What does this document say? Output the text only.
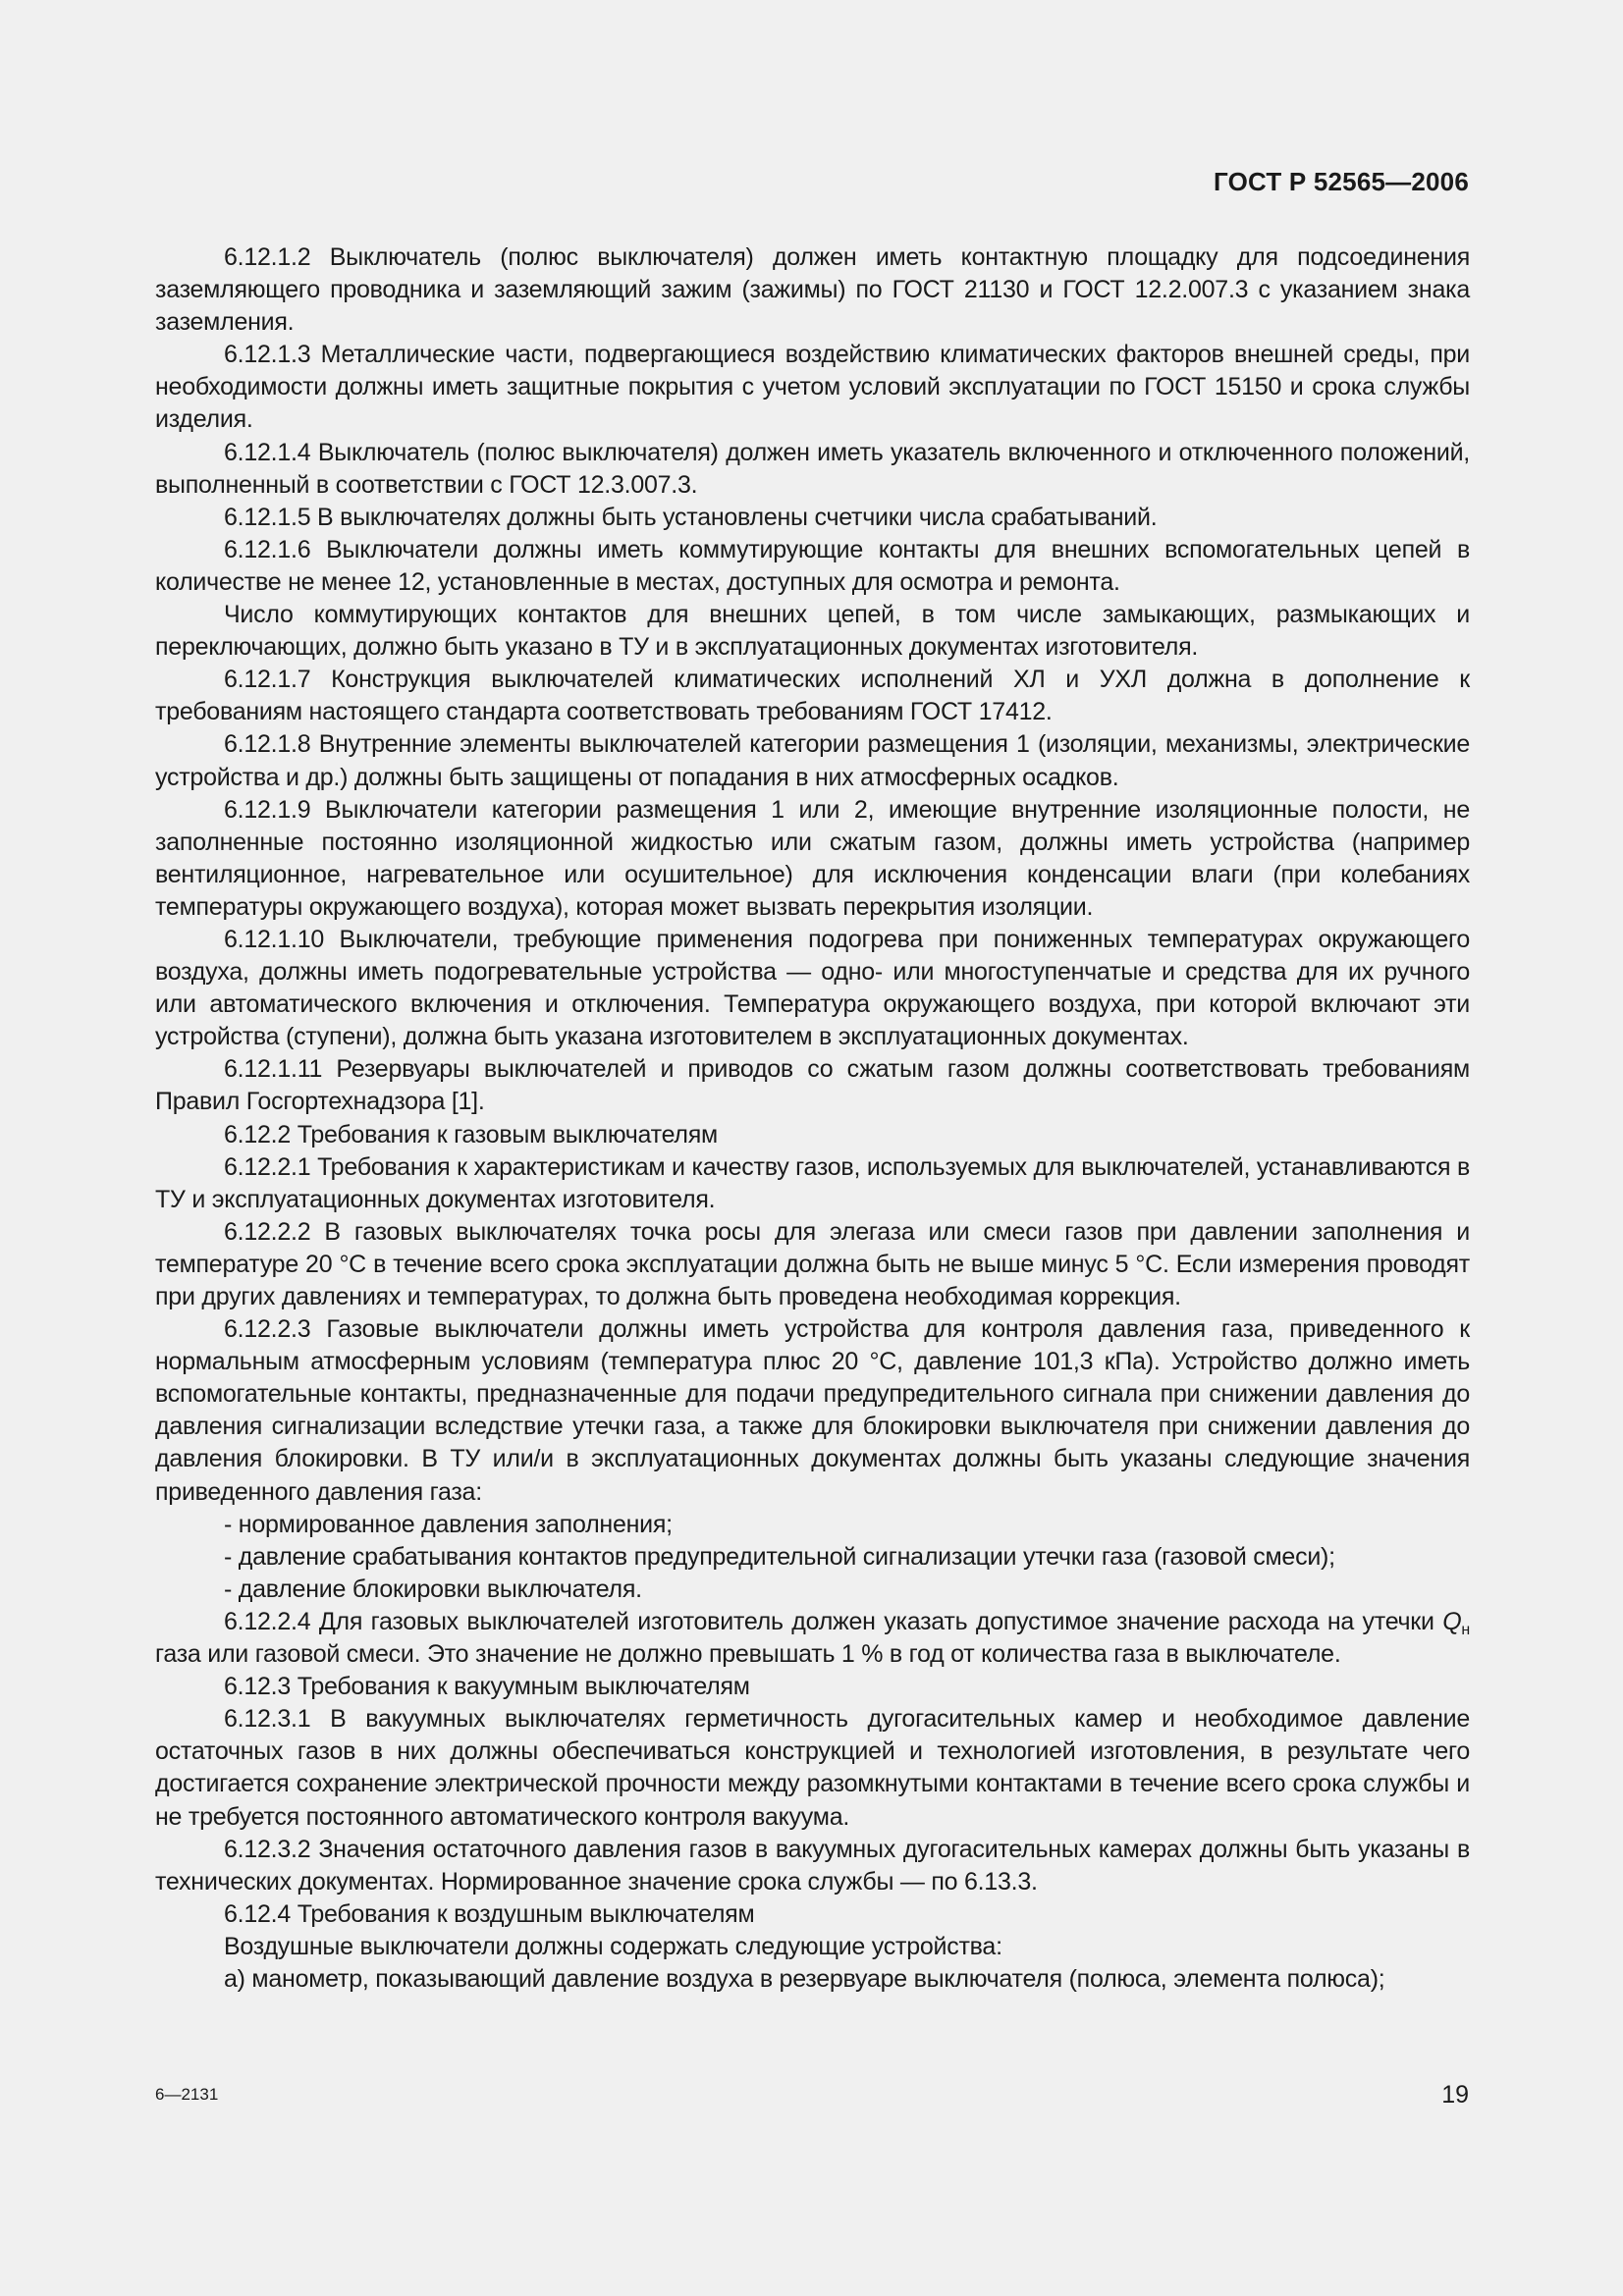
ГОСТ Р 52565—2006

6.12.1.2 Выключатель (полюс выключателя) должен иметь контактную площадку для подсоединения заземляющего проводника и заземляющий зажим (зажимы) по ГОСТ 21130 и ГОСТ 12.2.007.3 с указанием знака заземления.

6.12.1.3 Металлические части, подвергающиеся воздействию климатических факторов внешней среды, при необходимости должны иметь защитные покрытия с учетом условий эксплуатации по ГОСТ 15150 и срока службы изделия.

6.12.1.4 Выключатель (полюс выключателя) должен иметь указатель включенного и отключенного положений, выполненный в соответствии с ГОСТ 12.3.007.3.

6.12.1.5 В выключателях должны быть установлены счетчики числа срабатываний.

6.12.1.6 Выключатели должны иметь коммутирующие контакты для внешних вспомогательных цепей в количестве не менее 12, установленные в местах, доступных для осмотра и ремонта.

Число коммутирующих контактов для внешних цепей, в том числе замыкающих, размыкающих и переключающих, должно быть указано в ТУ и в эксплуатационных документах изготовителя.

6.12.1.7 Конструкция выключателей климатических исполнений ХЛ и УХЛ должна в дополнение к требованиям настоящего стандарта соответствовать требованиям ГОСТ 17412.

6.12.1.8 Внутренние элементы выключателей категории размещения 1 (изоляции, механизмы, электрические устройства и др.) должны быть защищены от попадания в них атмосферных осадков.

6.12.1.9 Выключатели категории размещения 1 или 2, имеющие внутренние изоляционные полости, не заполненные постоянно изоляционной жидкостью или сжатым газом, должны иметь устройства (например вентиляционное, нагревательное или осушительное) для исключения конденсации влаги (при колебаниях температуры окружающего воздуха), которая может вызвать перекрытия изоляции.

6.12.1.10 Выключатели, требующие применения подогрева при пониженных температурах окружающего воздуха, должны иметь подогревательные устройства — одно- или многоступенчатые и средства для их ручного или автоматического включения и отключения. Температура окружающего воздуха, при которой включают эти устройства (ступени), должна быть указана изготовителем в эксплуатационных документах.

6.12.1.11 Резервуары выключателей и приводов со сжатым газом должны соответствовать требованиям Правил Госгортехнадзора [1].

6.12.2 Требования к газовым выключателям

6.12.2.1 Требования к характеристикам и качеству газов, используемых для выключателей, устанавливаются в ТУ и эксплуатационных документах изготовителя.

6.12.2.2 В газовых выключателях точка росы для элегаза или смеси газов при давлении заполнения и температуре 20 °С в течение всего срока эксплуатации должна быть не выше минус 5 °С. Если измерения проводят при других давлениях и температурах, то должна быть проведена необходимая коррекция.

6.12.2.3 Газовые выключатели должны иметь устройства для контроля давления газа, приведенного к нормальным атмосферным условиям (температура плюс 20 °С, давление 101,3 кПа). Устройство должно иметь вспомогательные контакты, предназначенные для подачи предупредительного сигнала при снижении давления до давления сигнализации вследствие утечки газа, а также для блокировки выключателя при снижении давления до давления блокировки. В ТУ или/и в эксплуатационных документах должны быть указаны следующие значения приведенного давления газа:

- нормированное давления заполнения;

- давление срабатывания контактов предупредительной сигнализации утечки газа (газовой смеси);

- давление блокировки выключателя.

6.12.2.4 Для газовых выключателей изготовитель должен указать допустимое значение расхода на утечки $Q_н$ газа или газовой смеси. Это значение не должно превышать 1 % в год от количества газа в выключателе.

6.12.3 Требования к вакуумным выключателям

6.12.3.1 В вакуумных выключателях герметичность дугогасительных камер и необходимое давление остаточных газов в них должны обеспечиваться конструкцией и технологией изготовления, в результате чего достигается сохранение электрической прочности между разомкнутыми контактами в течение всего срока службы и не требуется постоянного автоматического контроля вакуума.

6.12.3.2 Значения остаточного давления газов в вакуумных дугогасительных камерах должны быть указаны в технических документах. Нормированное значение срока службы — по 6.13.3.

6.12.4 Требования к воздушным выключателям

Воздушные выключатели должны содержать следующие устройства:

а) манометр, показывающий давление воздуха в резервуаре выключателя (полюса, элемента полюса);

6—2131	19
